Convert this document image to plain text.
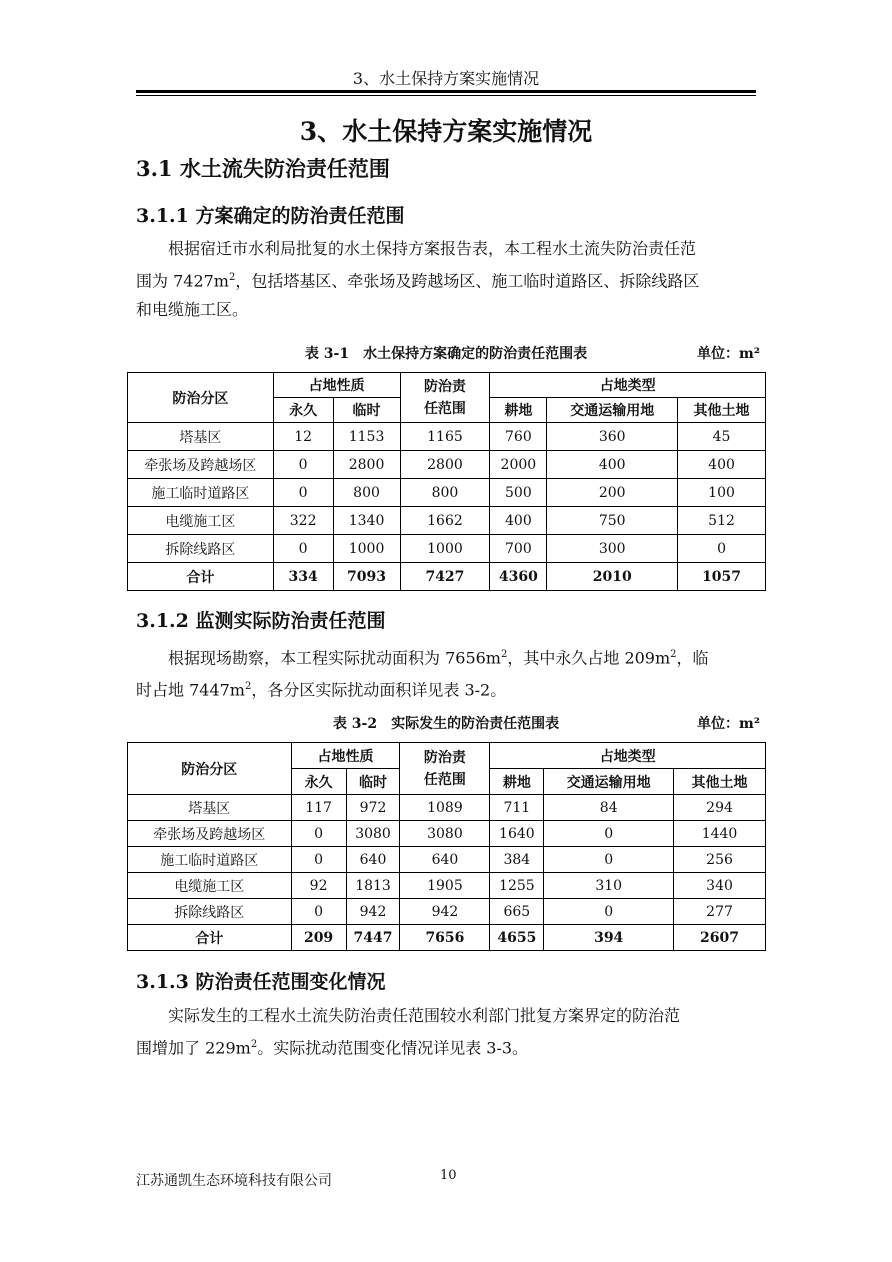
3、水土保持方案实施情况
3、水土保持方案实施情况
3.1 水土流失防治责任范围
3.1.1 方案确定的防治责任范围
根据宿迁市水利局批复的水土保持方案报告表，本工程水土流失防治责任范
围为 $7427m^2$，包括塔基区、牵张场及跨越场区、施工临时道路区、拆除线路区
和电缆施工区。
表 3-1　水土保持方案确定的防治责任范围表	单位：m²
防治分区	占地性质		防治责任范围	占地类型		
	永久	临时		耕地	交通运输用地	其他土地
塔基区	12	1153	1165	760	360	45
牵张场及跨越场区	0	2800	2800	2000	400	400
施工临时道路区	0	800	800	500	200	100
电缆施工区	322	1340	1662	400	750	512
拆除线路区	0	1000	1000	700	300	0
合计	334	7093	7427	4360	2010	1057
3.1.2 监测实际防治责任范围
根据现场勘察，本工程实际扰动面积为 $7656m^2$，其中永久占地 $209m^2$，临
时占地 $7447m^2$，各分区实际扰动面积详见表 3-2。
表 3-2　实际发生的防治责任范围表	单位：m²
防治分区	占地性质		防治责任范围	占地类型		
	永久	临时		耕地	交通运输用地	其他土地
塔基区	117	972	1089	711	84	294
牵张场及跨越场区	0	3080	3080	1640	0	1440
施工临时道路区	0	640	640	384	0	256
电缆施工区	92	1813	1905	1255	310	340
拆除线路区	0	942	942	665	0	277
合计	209	7447	7656	4655	394	2607
3.1.3 防治责任范围变化情况
实际发生的工程水土流失防治责任范围较水利部门批复方案界定的防治范
围增加了 $229m^2$。实际扰动范围变化情况详见表 3-3。
江苏通凯生态环境科技有限公司	10
